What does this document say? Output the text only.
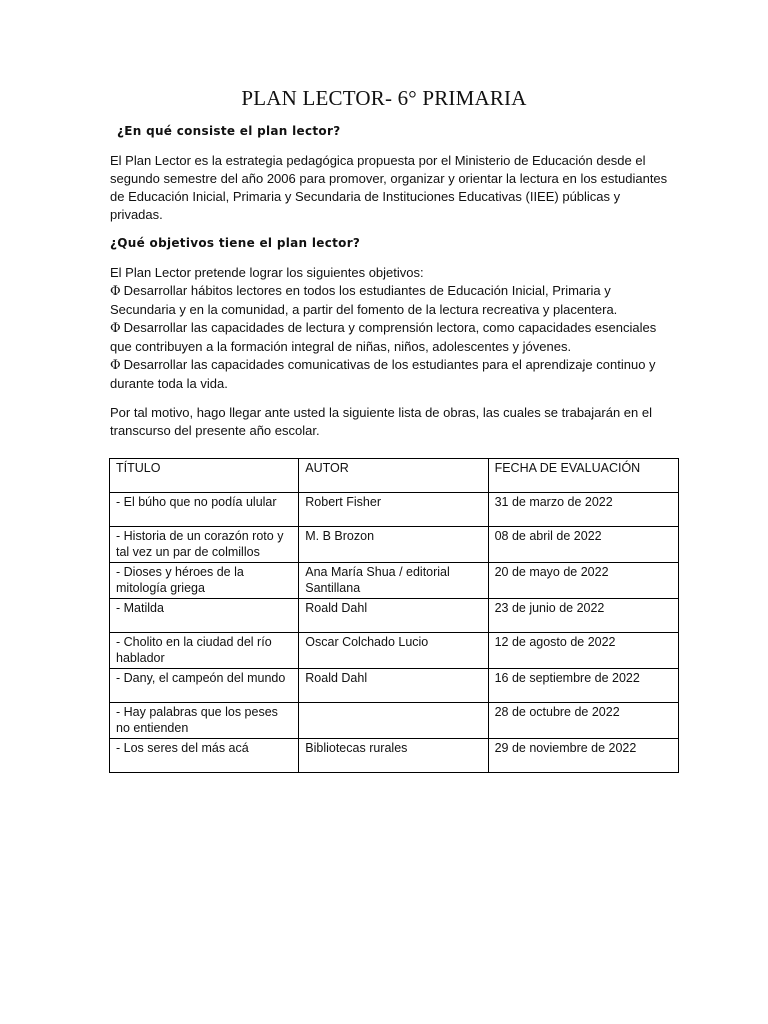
PLAN LECTOR- 6° PRIMARIA
¿En qué consiste el plan lector?
El Plan Lector es la estrategia pedagógica propuesta por el Ministerio de Educación desde el segundo semestre del año 2006 para promover, organizar y orientar la lectura en los estudiantes de Educación Inicial, Primaria y Secundaria de Instituciones Educativas (IIEE) públicas y privadas.
¿Qué objetivos tiene el plan lector?
El Plan Lector pretende lograr los siguientes objetivos:
Φ Desarrollar hábitos lectores en todos los estudiantes de Educación Inicial, Primaria y Secundaria y en la comunidad, a partir del fomento de la lectura recreativa y placentera.
Φ Desarrollar las capacidades de lectura y comprensión lectora, como capacidades esenciales que contribuyen a la formación integral de niñas, niños, adolescentes y jóvenes.
Φ Desarrollar las capacidades comunicativas de los estudiantes para el aprendizaje continuo y durante toda la vida.
Por tal motivo, hago llegar ante usted la siguiente lista de obras, las cuales se trabajarán en el transcurso del presente año escolar.
TÍTULO	AUTOR	FECHA DE EVALUACIÓN
- El búho que no podía ulular	Robert Fisher	31 de marzo de 2022
- Historia de un corazón roto y tal vez un par de colmillos	M. B Brozon	08 de abril de 2022
- Dioses y héroes de la mitología griega	Ana María Shua / editorial Santillana	20 de mayo de 2022
- Matilda	Roald Dahl	23 de junio de 2022
- Cholito en la ciudad del río hablador	Oscar Colchado Lucio	12 de agosto de 2022
- Dany, el campeón del mundo	Roald Dahl	16 de septiembre de 2022
- Hay palabras que los peses no entienden		28 de octubre de 2022
- Los seres del más acá	Bibliotecas rurales	29 de noviembre de 2022
